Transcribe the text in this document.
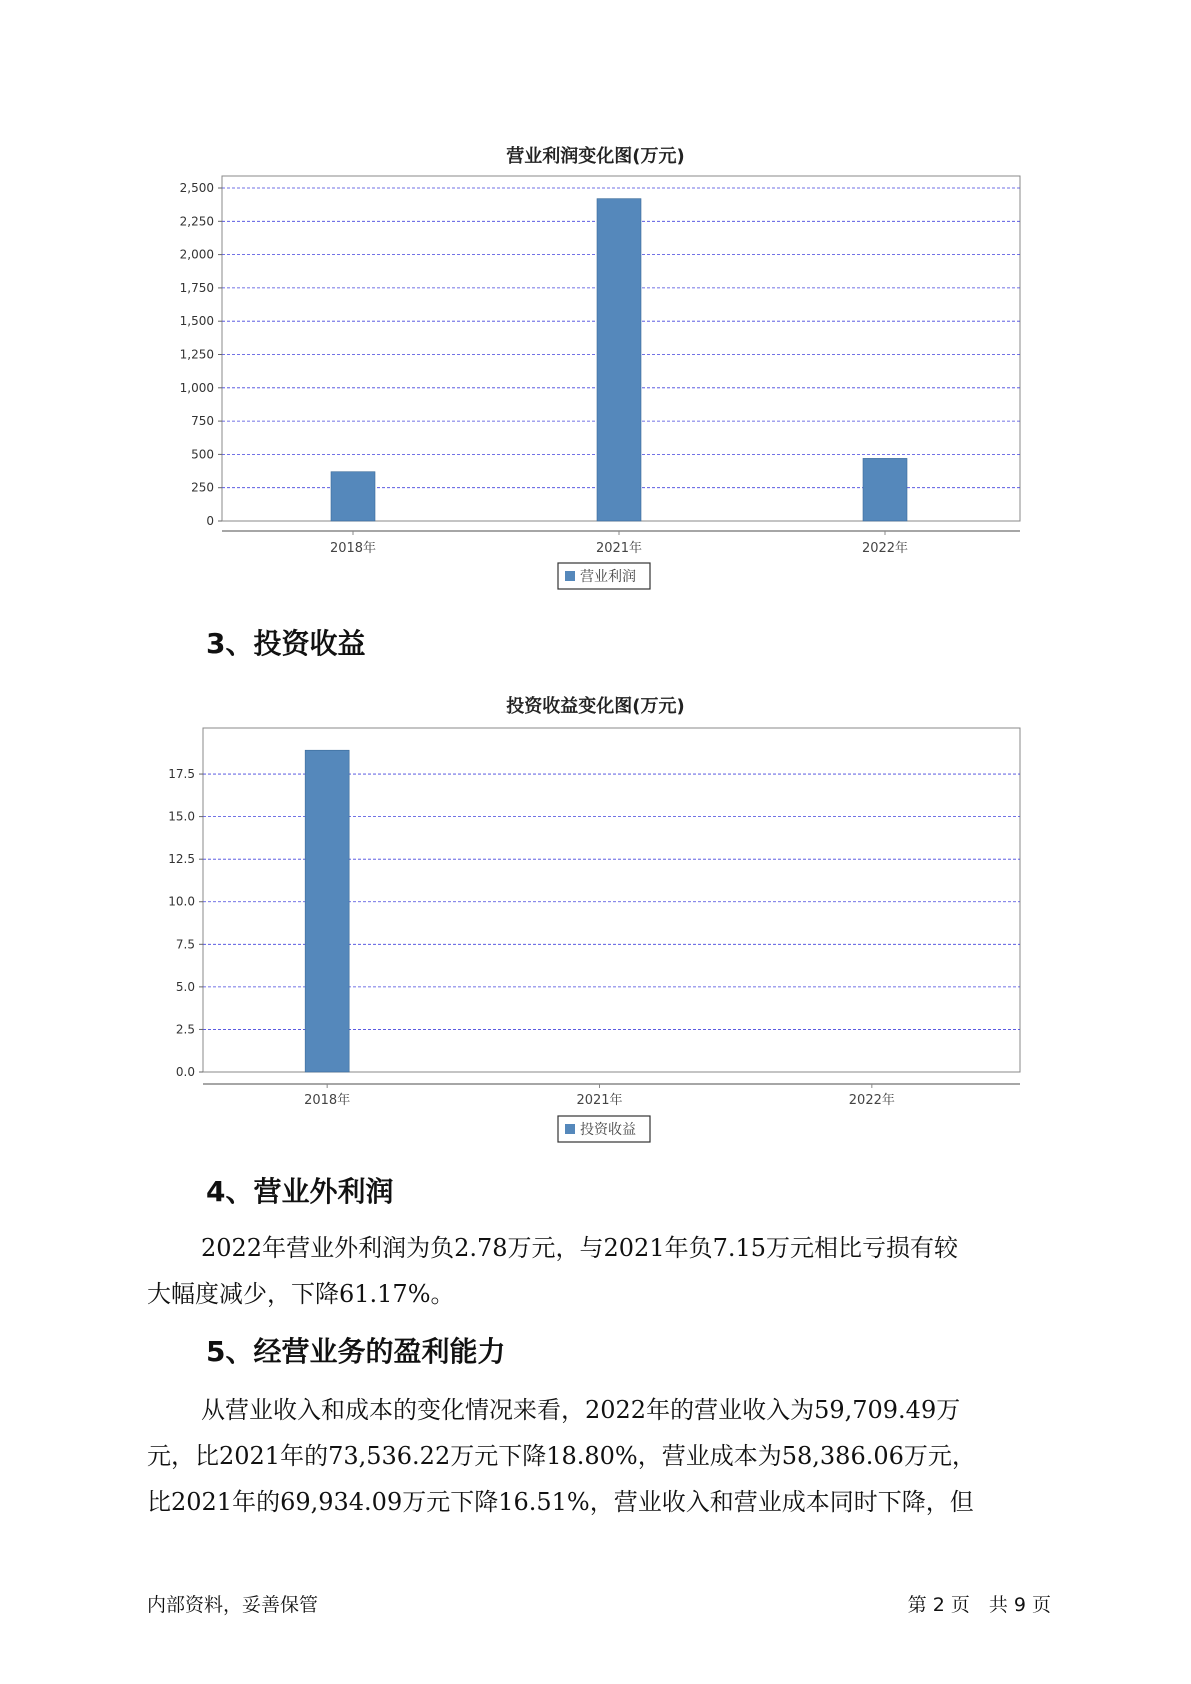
营业利润变化图(万元)
0
250
500
750
1,000
1,250
1,500
1,750
2,000
2,250
2,500
2018年	2021年	2022年
营业利润
3、投资收益
投资收益变化图(万元)
0.0
2.5
5.0
7.5
10.0
12.5
15.0
17.5
2018年	2021年	2022年
投资收益
4、营业外利润
2022年营业外利润为负2.78万元，与2021年负7.15万元相比亏损有较
大幅度减少，下降61.17%。
5、经营业务的盈利能力
从营业收入和成本的变化情况来看，2022年的营业收入为59,709.49万
元，比2021年的73,536.22万元下降18.80%，营业成本为58,386.06万元，
比2021年的69,934.09万元下降16.51%，营业收入和营业成本同时下降，但
内部资料，妥善保管	第 2 页　共 9 页
